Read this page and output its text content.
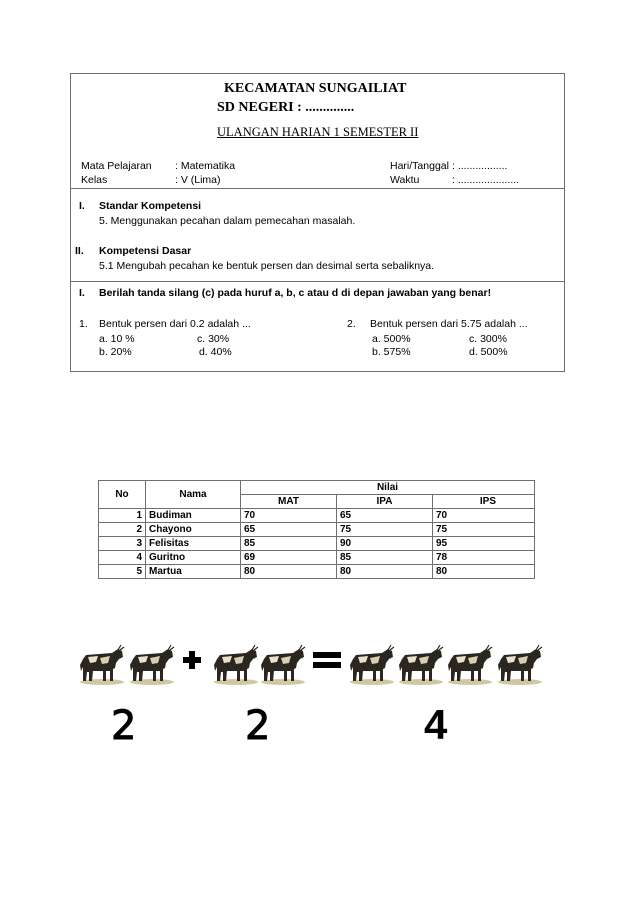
KECAMATAN SUNGAILIAT
SD NEGERI : ..............
ULANGAN HARIAN 1 SEMESTER II
Mata Pelajaran : Matematika
Kelas	: V (Lima)
Hari/Tanggal : .................
Waktu	: .....................
I. Standar Kompetensi
5. Menggunakan pecahan dalam pemecahan masalah.
II. Kompetensi Dasar
5.1 Mengubah pecahan ke bentuk persen dan desimal serta sebaliknya.
I. Berilah tanda silang (c) pada huruf a, b, c atau d di depan jawaban yang benar!
1. Bentuk persen dari 0.2 adalah ...
a. 10 %
b. 20%
c. 30%
d. 40%
2. Bentuk persen dari 5.75 adalah ...
a. 500%
b. 575%
c. 300%
d. 500%
No	Nama	Nilai		
		MAT	IPA	IPS
1	Budiman	70	65	70
2	Chayono	65	75	75
3	Felisitas	85	90	95
4	Guritno	69	85	78
5	Martua	80	80	80
2	2	4
